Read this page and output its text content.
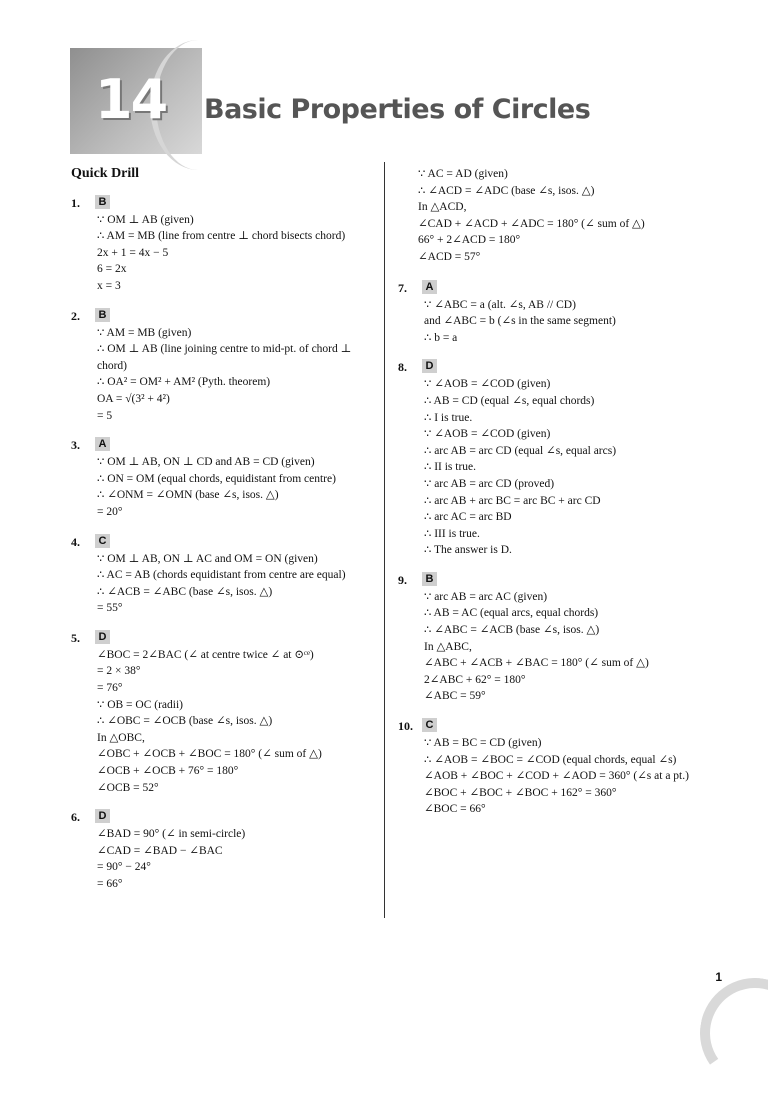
14 Basic Properties of Circles
Quick Drill
1.	B
∵ OM ⊥ AB (given)
∴ AM = MB (line from centre ⊥ chord bisects chord)
2x + 1 = 4x − 5
6 = 2x
x = 3
2.	B
∵ AM = MB (given)
∴ OM ⊥ AB (line joining centre to mid-pt. of chord ⊥
chord)
∴ OA² = OM² + AM² (Pyth. theorem)
OA = √(3² + 4²)
= 5
3.	A
∵ OM ⊥ AB, ON ⊥ CD and AB = CD (given)
∴ ON = OM (equal chords, equidistant from centre)
∴ ∠ONM = ∠OMN (base ∠s, isos. △)
= 20°
4.	C
∵ OM ⊥ AB, ON ⊥ AC and OM = ON (given)
∴ AC = AB (chords equidistant from centre are equal)
∴ ∠ACB = ∠ABC (base ∠s, isos. △)
= 55°
5.	D
∠BOC = 2∠BAC (∠ at centre twice ∠ at ⊙ᶜᵉ)
= 2 × 38°
= 76°
∵ OB = OC (radii)
∴ ∠OBC = ∠OCB (base ∠s, isos. △)
In △OBC,
∠OBC + ∠OCB + ∠BOC = 180° (∠ sum of △)
∠OCB + ∠OCB + 76° = 180°
∠OCB = 52°
6.	D
∠BAD = 90° (∠ in semi-circle)
∠CAD = ∠BAD − ∠BAC
= 90° − 24°
= 66°
∵ AC = AD (given)
∴ ∠ACD = ∠ADC (base ∠s, isos. △)
In △ACD,
∠CAD + ∠ACD + ∠ADC = 180° (∠ sum of △)
66° + 2∠ACD = 180°
∠ACD = 57°
7.	A
∵ ∠ABC = a (alt. ∠s, AB // CD)
and ∠ABC = b (∠s in the same segment)
∴ b = a
8.	D
∵ ∠AOB = ∠COD (given)
∴ AB = CD (equal ∠s, equal chords)
∴ I is true.
∵ ∠AOB = ∠COD (given)
∴ arc AB = arc CD (equal ∠s, equal arcs)
∴ II is true.
∵ arc AB = arc CD (proved)
∴ arc AB + arc BC = arc BC + arc CD
∴ arc AC = arc BD
∴ III is true.
∴ The answer is D.
9.	B
∵ arc AB = arc AC (given)
∴ AB = AC (equal arcs, equal chords)
∴ ∠ABC = ∠ACB (base ∠s, isos. △)
In △ABC,
∠ABC + ∠ACB + ∠BAC = 180° (∠ sum of △)
2∠ABC + 62° = 180°
∠ABC = 59°
10.	C
∵ AB = BC = CD (given)
∴ ∠AOB = ∠BOC = ∠COD (equal chords, equal ∠s)
∠AOB + ∠BOC + ∠COD + ∠AOD = 360° (∠s at a pt.)
∠BOC + ∠BOC + ∠BOC + 162° = 360°
∠BOC = 66°
1
